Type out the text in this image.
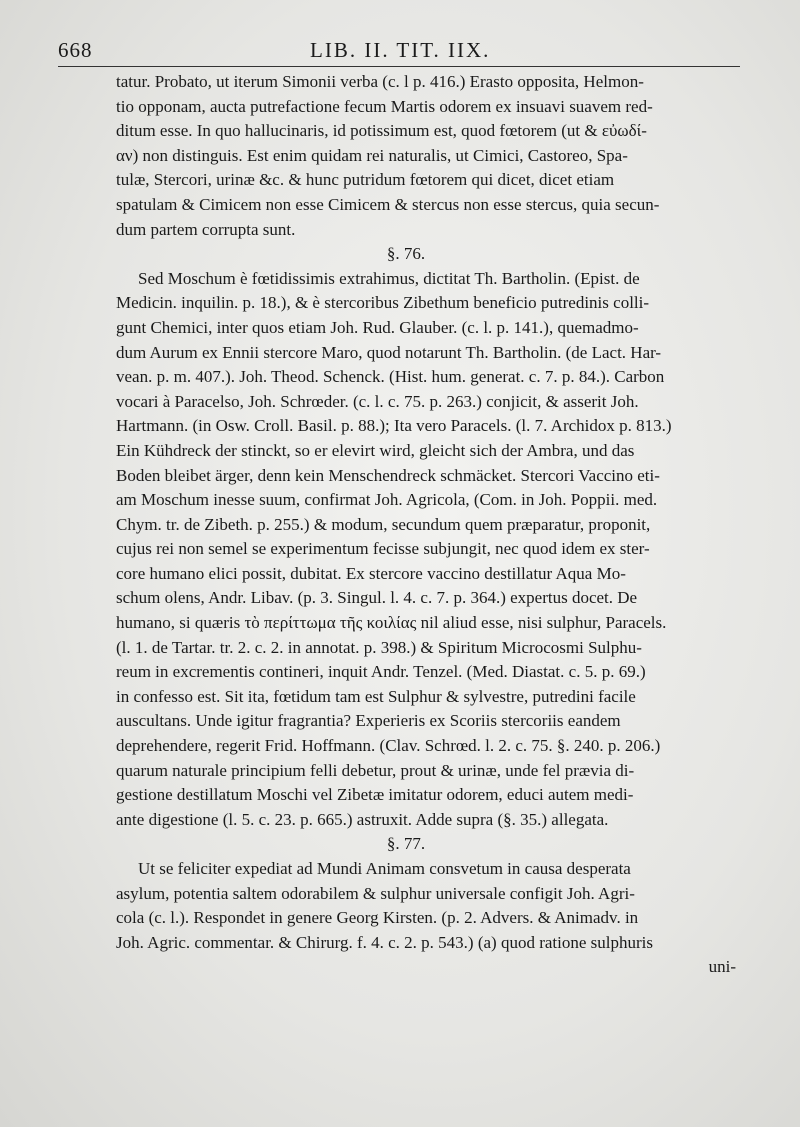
668	LIB. II. TIT. IIX.
tatur. Probato, ut iterum Simonii verba (c. l p. 416.) Erasto opposita, Helmon-
tio opponam, aucta putrefactione fecum Martis odorem ex insuavi suavem red-
ditum esse. In quo hallucinaris, id potissimum est, quod fœtorem (ut & εὐωδί-
αν) non distinguis. Est enim quidam rei naturalis, ut Cimici, Castoreo, Spa-
tulæ, Stercori, urinæ &c. & hunc putridum fœtorem qui dicet, dicet etiam
spatulam & Cimicem non esse Cimicem & stercus non esse stercus, quia secun-
dum partem corrupta sunt.
§. 76.
Sed Moschum è fœtidissimis extrahimus, dictitat Th. Bartholin. (Epist. de
Medicin. inquilin. p. 18.), & è stercoribus Zibethum beneficio putredinis colli-
gunt Chemici, inter quos etiam Joh. Rud. Glauber. (c. l. p. 141.), quemadmo-
dum Aurum ex Ennii stercore Maro, quod notarunt Th. Bartholin. (de Lact. Har-
vean. p. m. 407.). Joh. Theod. Schenck. (Hist. hum. generat. c. 7. p. 84.). Carbon
vocari à Paracelso, Joh. Schrœder. (c. l. c. 75. p. 263.) conjicit, & asserit Joh.
Hartmann. (in Osw. Croll. Basil. p. 88.); Ita vero Paracels. (l. 7. Archidox p. 813.)
Ein Kühdreck der stinckt, so er elevirt wird, gleicht sich der Ambra, und das
Boden bleibet ärger, denn kein Menschendreck schmäcket. Stercori Vaccino eti-
am Moschum inesse suum, confirmat Joh. Agricola, (Com. in Joh. Poppii. med.
Chym. tr. de Zibeth. p. 255.) & modum, secundum quem præparatur, proponit,
cujus rei non semel se experimentum fecisse subjungit, nec quod idem ex ster-
core humano elici possit, dubitat. Ex stercore vaccino destillatur Aqua Mo-
schum olens, Andr. Libav. (p. 3. Singul. l. 4. c. 7. p. 364.) expertus docet. De
humano, si quæris τὸ περίττωμα τῆς κοιλίας nil aliud esse, nisi sulphur, Paracels.
(l. 1. de Tartar. tr. 2. c. 2. in annotat. p. 398.) & Spiritum Microcosmi Sulphu-
reum in excrementis contineri, inquit Andr. Tenzel. (Med. Diastat. c. 5. p. 69.)
in confesso est. Sit ita, fœtidum tam est Sulphur & sylvestre, putredini facile
auscultans. Unde igitur fragrantia? Experieris ex Scoriis stercoriis eandem
deprehendere, regerit Frid. Hoffmann. (Clav. Schrœd. l. 2. c. 75. §. 240. p. 206.)
quarum naturale principium felli debetur, prout & urinæ, unde fel prævia di-
gestione destillatum Moschi vel Zibetæ imitatur odorem, educi autem medi-
ante digestione (l. 5. c. 23. p. 665.) astruxit. Adde supra (§. 35.) allegata.
§. 77.
Ut se feliciter expediat ad Mundi Animam consvetum in causa desperata
asylum, potentia saltem odorabilem & sulphur universale configit Joh. Agri-
cola (c. l.). Respondet in genere Georg Kirsten. (p. 2. Advers. & Animadv. in
Joh. Agric. commentar. & Chirurg. f. 4. c. 2. p. 543.) (a) quod ratione sulphuris
uni-
